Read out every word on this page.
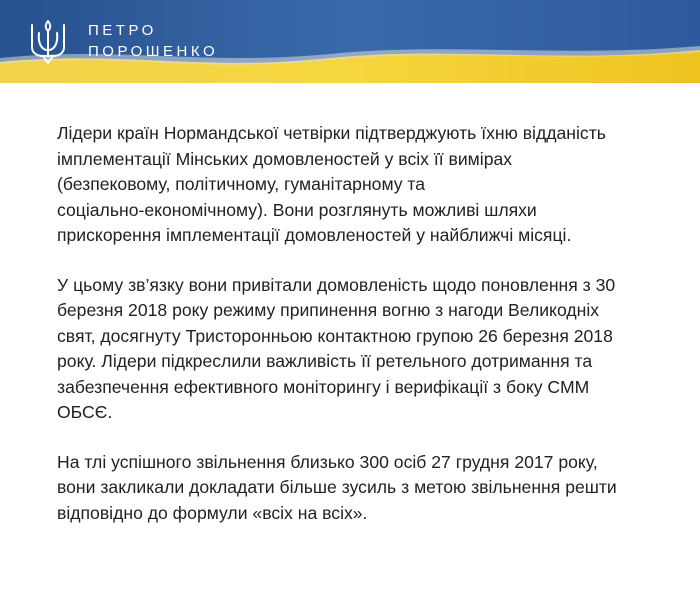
ПЕТРО
ПОРОШЕНКО

Лідери країн Нормандської четвірки підтверджують їхню відданість
імплементації Мінських домовленостей у всіх її вимірах
(безпековому, політичному, гуманітарному та
соціально-економічному). Вони розглянуть можливі шляхи
прискорення імплементації домовленостей у найближчі місяці.

У цьому зв’язку вони привітали домовленість щодо поновлення з 30
березня 2018 року режиму припинення вогню з нагоди Великодніх
свят, досягнуту Тристоронньою контактною групою 26 березня 2018
року. Лідери підкреслили важливість її ретельного дотримання та
забезпечення ефективного моніторингу і верифікації з боку СММ
ОБСЄ.

На тлі успішного звільнення близько 300 осіб 27 грудня 2017 року,
вони закликали докладати більше зусиль з метою звільнення решти
відповідно до формули «всіх на всіх».
